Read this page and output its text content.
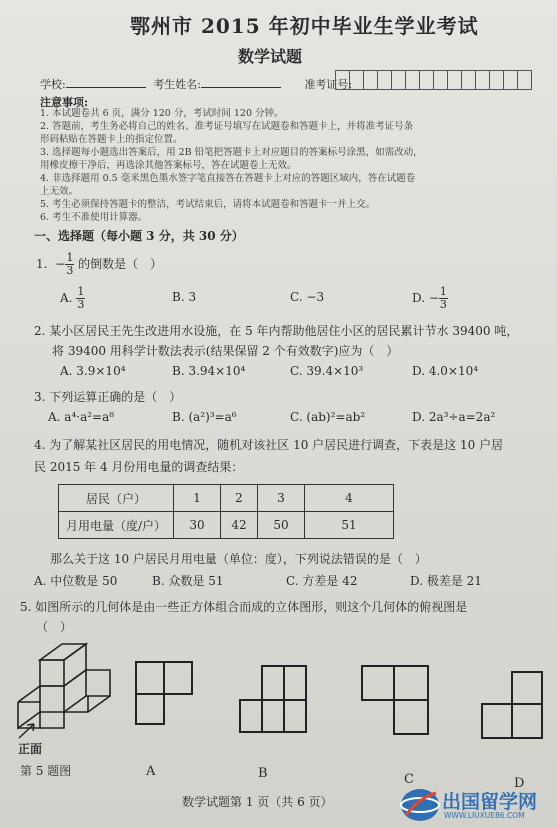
鄂州市 2015 年初中毕业生学业考试
数学试题
学校:	考生姓名:	准考证号:
注意事项:
1. 本试题卷共 6 页，满分 120 分，考试时间 120 分钟。
2. 答题前，考生务必将自己的姓名、准考证号填写在试题卷和答题卡上，并将准考证号条
形码粘贴在答题卡上的指定位置。
3. 选择题每小题选出答案后，用 2B 铅笔把答题卡上对应题目的答案标号涂黑，如需改动，
用橡皮擦干净后，再选涂其他答案标号，答在试题卷上无效。
4. 非选择题用 0.5 毫米黑色墨水签字笔直接答在答题卡上对应的答题区域内，答在试题卷
上无效。
5. 考生必须保持答题卡的整洁，考试结束后，请将本试题卷和答题卡一并上交。
6. 考生不准使用计算器。
一、选择题（每小题 3 分，共 30 分）
1. − $\frac{1}{3}$ 的倒数是（　）
A. $\frac{1}{3}$	B. 3	C. −3	D. − $\frac{1}{3}$
2. 某小区居民王先生改进用水设施，在 5 年内帮助他居住小区的居民累计节水 39400 吨，
将 39400 用科学计数法表示(结果保留 2 个有效数字)应为（　）
A. 3.9×10⁴	B. 3.94×10⁴	C. 39.4×10³	D. 4.0×10⁴
3. 下列运算正确的是（　）
A. a⁴·a²=a⁸	B. (a²)³=a⁶	C. (ab)²=ab²	D. 2a³÷a=2a²
4. 为了解某社区居民的用电情况，随机对该社区 10 户居民进行调查，下表是这 10 户居
民 2015 年 4 月份用电量的调查结果：
居民（户）	1	2	3	4
月用电量（度/户）	30	42	50	51
那么关于这 10 户居民月用电量（单位：度），下列说法错误的是（　）
A. 中位数是 50	B. 众数是 51	C. 方差是 42	D. 极差是 21
5. 如图所示的几何体是由一些正方体组合而成的立体图形，则这个几何体的俯视图是
（　）
正面
第 5 题图	A	B	C	D
数学试题第 1 页（共 6 页）	出国留学网
WWW.LIUXUE86.COM
